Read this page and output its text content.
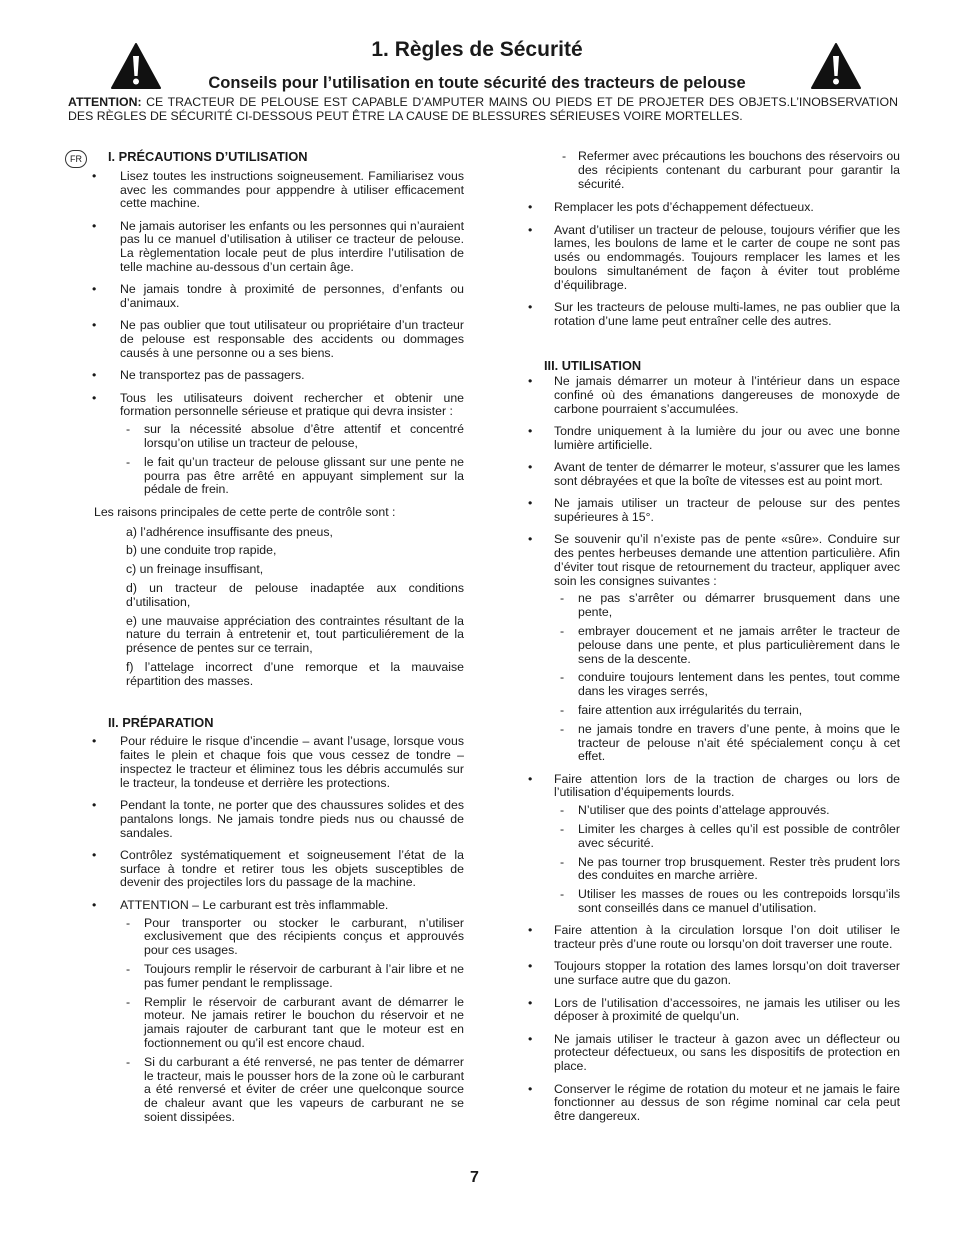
1. Règles de Sécurité
Conseils pour l’utilisation en toute sécurité des tracteurs de pelouse

ATTENTION: CE TRACTEUR DE PELOUSE EST CAPABLE D’AMPUTER MAINS OU PIEDS ET DE PROJETER DES OBJETS.L’INOBSERVATION DES RÈGLES DE SÉCURITÉ CI-DESSOUS PEUT ÊTRE LA CAUSE DE BLESSURES SÉRIEUSES VOIRE MORTELLES.

FR	I. PRÉCAUTIONS D’UTILISATION
• Lisez toutes les instructions soigneusement. Familiarisez vous avec les commandes pour apppendre à utiliser efficacement cette machine.
• Ne jamais autoriser les enfants ou les personnes qui n’auraient pas lu ce manuel d’utilisation à utiliser ce tracteur de pelouse. La règlementation locale peut de plus interdire l’utilisation de telle machine au-dessous d’un certain âge.
• Ne jamais tondre à proximité de personnes, d’enfants ou d’animaux.
• Ne pas oublier que tout utilisateur ou propriétaire d’un tracteur de pelouse est responsable des accidents ou dommages causés à une personne ou a ses biens.
• Ne transportez pas de passagers.
• Tous les utilisateurs doivent rechercher et obtenir une formation personnelle sérieuse et pratique qui devra insister :
- sur la nécessité absolue d’être attentif et concentré lorsqu’on utilise un tracteur de pelouse,
- le fait qu’un tracteur de pelouse glissant sur une pente ne pourra pas être arrêté en appuyant simplement sur la pédale de frein.

Les raisons principales de cette perte de contrôle sont :

a) l’adhérence insuffisante des pneus,
b) une conduite trop rapide,
c) un freinage insuffisant,
d) un tracteur de pelouse inadaptée aux conditions d’utilisation,
e) une mauvaise appréciation des contraintes résultant de la nature du terrain à entretenir et, tout particuliérement de la présence de pentes sur ce terrain,
f) l’attelage incorrect d’une remorque et la mauvaise répartition des masses.
II. PRÉPARATION
• Pour réduire le risque d’incendie – avant l’usage, lorsque vous faites le plein et chaque fois que vous cessez de tondre – inspectez le tracteur et éliminez tous les débris accumulés sur le tracteur, la tondeuse et derrière les protections.
• Pendant la tonte, ne porter que des chaussures solides et des pantalons longs. Ne jamais tondre pieds nus ou chaussé de sandales.
• Contrôlez systématiquement et soigneusement l’état de la surface à tondre et retirer tous les objets susceptibles de devenir des projectiles lors du passage de la machine.
• ATTENTION – Le carburant est très inflammable.
- Pour transporter ou stocker le carburant, n’utiliser exclusivement que des récipients conçus et approuvés pour ces usages.
- Toujours remplir le réservoir de carburant à l’air libre et ne pas fumer pendant le remplissage.
- Remplir le réservoir de carburant avant de démarrer le moteur. Ne jamais retirer le bouchon du réservoir et ne jamais rajouter de carburant tant que le moteur est en foctionnement ou qu’il est encore chaud.
- Si du carburant a été renversé, ne pas tenter de démarrer le tracteur, mais le pousser hors de la zone où le carburant a été renversé et éviter de créer une quelconque source de chaleur avant que les vapeurs de carburant ne se soient dissipées.
- Refermer avec précautions les bouchons des réservoirs ou des récipients contenant du carburant pour garantir la sécurité.
• Remplacer les pots d’échappement défectueux.
• Avant d’utiliser un tracteur de pelouse, toujours vérifier que les lames, les boulons de lame et le carter de coupe ne sont pas usés ou endommagés. Toujours remplacer les lames et les boulons simultanément de façon à éviter tout probléme d’équilibrage.
• Sur les tracteurs de pelouse multi-lames, ne pas oublier que la rotation d’une lame peut entraîner celle des autres.
III. UTILISATION
• Ne jamais démarrer un moteur à l’intérieur dans un espace confiné où des émanations dangereuses de monoxyde de carbone pourraient s’accumulées.
• Tondre uniquement à la lumière du jour ou avec une bonne lumière artificielle.
• Avant de tenter de démarrer le moteur, s’assurer que les lames sont débrayées et que la boîte de vitesses est au point mort.
• Ne jamais utiliser un tracteur de pelouse sur des pentes supérieures à 15°.
• Se souvenir qu’il n’existe pas de pente «sûre». Conduire sur des pentes herbeuses demande une attention particulière. Afin d’éviter tout risque de retournement du tracteur, appliquer avec soin les consignes suivantes :
- ne pas s’arrêter ou démarrer brusquement dans une pente,
- embrayer doucement et ne jamais arrêter le tracteur de pelouse dans une pente, et plus particulièrement dans le sens de la descente.
- conduire toujours lentement dans les pentes, tout comme dans les virages serrés,
- faire attention aux irrégularités du terrain,
- ne jamais tondre en travers d’une pente, à moins que le tracteur de pelouse n’ait été spécialement conçu à cet effet.
• Faire attention lors de la traction de charges ou lors de l’utilisation d’équipements lourds.
- N’utiliser que des points d’attelage approuvés.
- Limiter les charges à celles qu’il est possible de contrôler avec sécurité.
- Ne pas tourner trop brusquement. Rester très prudent lors des conduites en marche arrière.
- Utiliser les masses de roues ou les contrepoids lorsqu’ils sont conseillés dans ce manuel d’utilisation.
• Faire attention à la circulation lorsque l’on doit utiliser le tracteur près d’une route ou lorsqu’on doit traverser une route.
• Toujours stopper la rotation des lames lorsqu’on doit traverser une surface autre que du gazon.
• Lors de l’utilisation d’accessoires, ne jamais les utiliser ou les déposer à proximité de quelqu’un.
• Ne jamais utiliser le tracteur à gazon avec un déflecteur ou protecteur défectueux, ou sans les dispositifs de protection en place.
• Conserver le régime de rotation du moteur et ne jamais le faire fonctionner au dessus de son régime nominal car cela peut être dangereux.
7
